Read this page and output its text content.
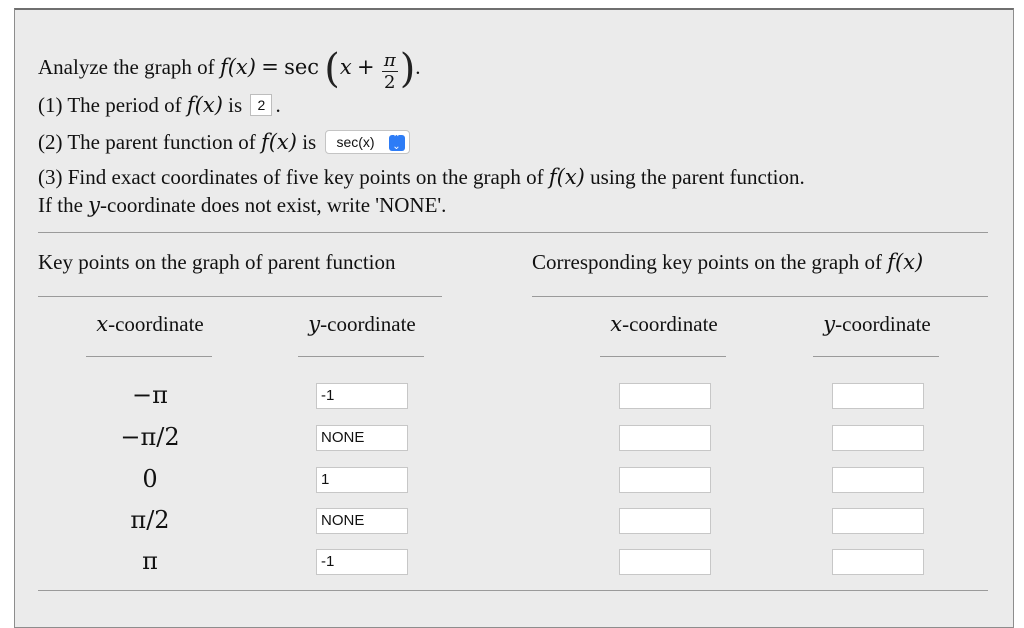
Analyze the graph of $f(x) = \sec (x + \frac{\pi}{2}$ ).
(1) The period of f(x) is 2 .
(2) The parent function of f(x) is sec(x) ⌃
⌄
(3) Find exact coordinates of five key points on the graph of f(x) using the parent function.
If the y-coordinate does not exist, write 'NONE'.
Key points on the graph of parent function	Corresponding key points on the graph of f(x)
x-coordinate	y-coordinate	x-coordinate	y-coordinate
−π	-1
−π/2	NONE
0	1
π/2	NONE
π	-1
